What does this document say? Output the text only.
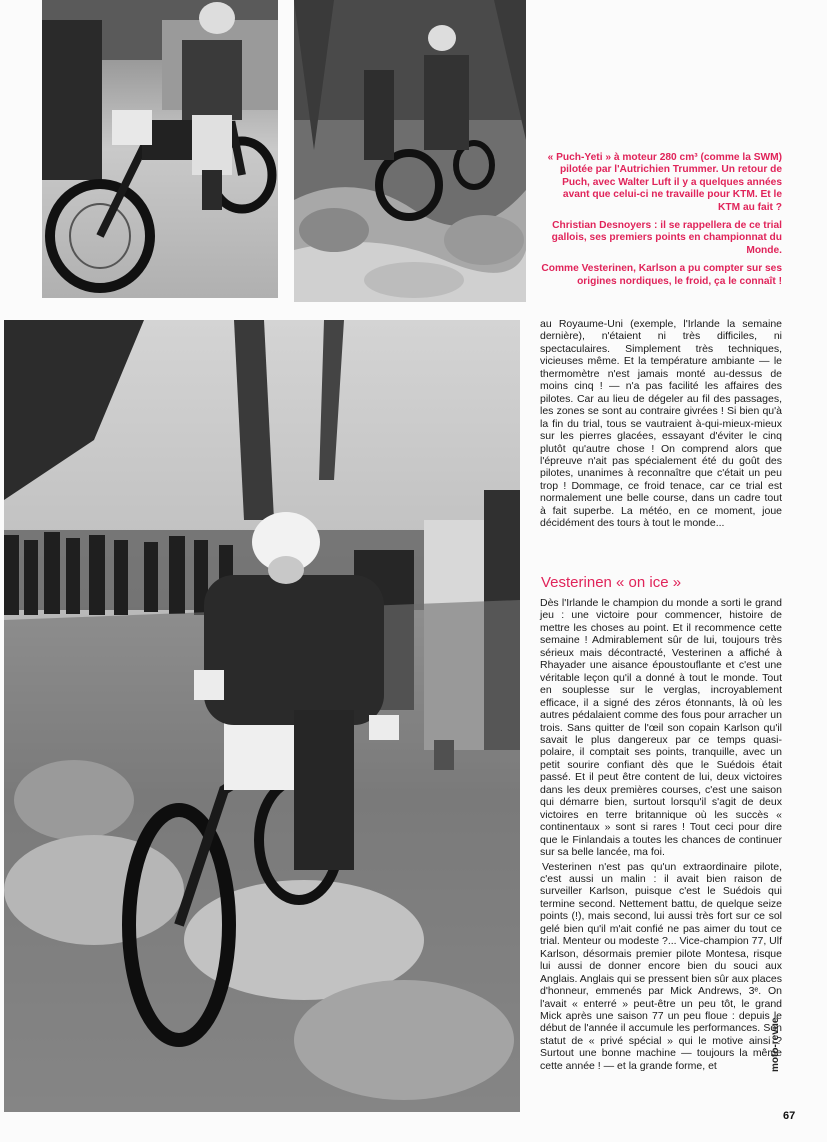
« Puch-Yeti » à moteur 280 cm³ (comme la SWM) pilotée par l'Autrichien Trummer. Un retour de Puch, avec Walter Luft il y a quelques années avant que celui-ci ne travaille pour KTM. Et le KTM au fait ?

Christian Desnoyers : il se rappellera de ce trial gallois, ses premiers points en championnat du Monde.

Comme Vesterinen, Karlson a pu compter sur ses origines nordiques, le froid, ça le connaît !

au Royaume-Uni (exemple, l'Irlande la semaine dernière), n'étaient ni très difficiles, ni spectaculaires. Simplement très techniques, vicieuses même. Et la température ambiante — le thermomètre n'est jamais monté au-dessus de moins cinq ! — n'a pas facilité les affaires des pilotes. Car au lieu de dégeler au fil des passages, les zones se sont au contraire givrées ! Si bien qu'à la fin du trial, tous se vautraient à-qui-mieux-mieux sur les pierres glacées, essayant d'éviter le cinq plutôt qu'autre chose ! On comprend alors que l'épreuve n'ait pas spécialement été du goût des pilotes, unanimes à reconnaître que c'était un peu trop ! Dommage, ce froid tenace, car ce trial est normalement une belle course, dans un cadre tout à fait superbe. La météo, en ce moment, joue décidément des tours à tout le monde...

Vesterinen « on ice »

Dès l'Irlande le champion du monde a sorti le grand jeu : une victoire pour commencer, histoire de mettre les choses au point. Et il recommence cette semaine ! Admirablement sûr de lui, toujours très sérieux mais décontracté, Vesterinen a affiché à Rhayader une aisance époustouflante et c'est une véritable leçon qu'il a donné à tout le monde. Tout en souplesse sur le verglas, incroyablement efficace, il a signé des zéros étonnants, là où les autres pédalaient comme des fous pour arracher un trois. Sans quitter de l'œil son copain Karlson qu'il savait le plus dangereux par ce temps quasi-polaire, il comptait ses points, tranquille, avec un petit sourire confiant dès que le Suédois était passé. Et il peut être content de lui, deux victoires dans les deux premières courses, c'est une saison qui démarre bien, surtout lorsqu'il s'agit de deux victoires en terre britannique où les succès « continentaux » sont si rares ! Tout ceci pour dire que le Finlandais a toutes les chances de continuer sur sa belle lancée, ma foi.

Vesterinen n'est pas qu'un extraordinaire pilote, c'est aussi un malin : il avait bien raison de surveiller Karlson, puisque c'est le Suédois qui termine second. Nettement battu, de quelque seize points (!), mais second, lui aussi très fort sur ce sol gelé bien qu'il m'ait confié ne pas aimer du tout ce trial. Menteur ou modeste ?... Vice-champion 77, Ulf Karlson, désormais premier pilote Montesa, risque lui aussi de donner encore bien du souci aux Anglais. Anglais qui se pressent bien sûr aux places d'honneur, emmenés par Mick Andrews, 3ᵉ. On l'avait « enterré » peut-être un peu tôt, le grand Mick après une saison 77 un peu floue : depuis le début de l'année il accumule les performances. Son statut de « privé spécial » qui le motive ainsi ? Surtout une bonne machine — toujours la même cette année ! — et la grande forme, et	moto-revue
67
